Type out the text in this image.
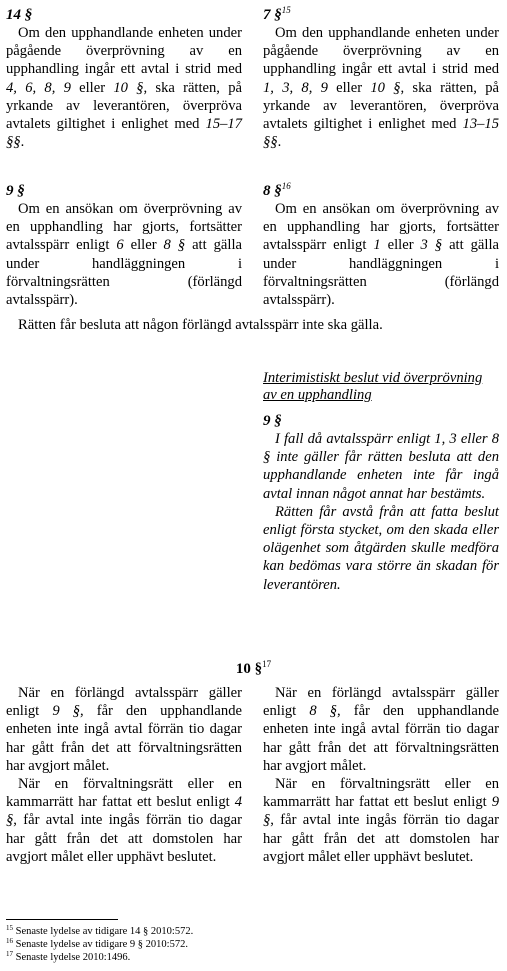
14 §

Om den upphandlande enheten under pågående överprövning av en upphandling ingår ett avtal i strid med 4, 6, 8, 9 eller 10 §, ska rätten, på yrkande av leverantören, överpröva avtalets giltighet i enlighet med 15–17 §§.

7 §$^{15}$

Om den upphandlande enheten under pågående överprövning av en upphandling ingår ett avtal i strid med 1, 3, 8, 9 eller 10 §, ska rätten, på yrkande av leverantören, överpröva avtalets giltighet i enlighet med 13–15 §§.

9 §

Om en ansökan om överprövning av en upphandling har gjorts, fortsätter avtalsspärr enligt 6 eller 8 § att gälla under handläggningen i förvaltningsrätten (förlängd avtalsspärr).

8 §$^{16}$

Om en ansökan om överprövning av en upphandling har gjorts, fortsätter avtalsspärr enligt 1 eller 3 § att gälla under handläggningen i förvaltningsrätten (förlängd avtalsspärr).

Rätten får besluta att någon förlängd avtalsspärr inte ska gälla.

Interimistiskt beslut vid överprövning av en upphandling

9 §

I fall då avtalsspärr enligt 1, 3 eller 8 § inte gäller får rätten besluta att den upphandlande enheten inte får ingå avtal innan något annat har bestämts.

Rätten får avstå från att fatta beslut enligt första stycket, om den skada eller olägenhet som åtgärden skulle medföra kan bedömas vara större än skadan för leverantören.

10 §$^{17}$

När en förlängd avtalsspärr gäller enligt 9 §, får den upphandlande enheten inte ingå avtal förrän tio dagar har gått från det att förvaltningsrätten har avgjort målet.

När en förvaltningsrätt eller en kammarrätt har fattat ett beslut enligt 4 §, får avtal inte ingås förrän tio dagar har gått från det att domstolen har avgjort målet eller upphävt beslutet.

När en förlängd avtalsspärr gäller enligt 8 §, får den upphandlande enheten inte ingå avtal förrän tio dagar har gått från det att förvaltningsrätten har avgjort målet.

När en förvaltningsrätt eller en kammarrätt har fattat ett beslut enligt 9 §, får avtal inte ingås förrän tio dagar har gått från det att domstolen har avgjort målet eller upphävt beslutet.

$^{15}$ Senaste lydelse av tidigare 14 § 2010:572.
$^{16}$ Senaste lydelse av tidigare 9 § 2010:572.
$^{17}$ Senaste lydelse 2010:1496.
